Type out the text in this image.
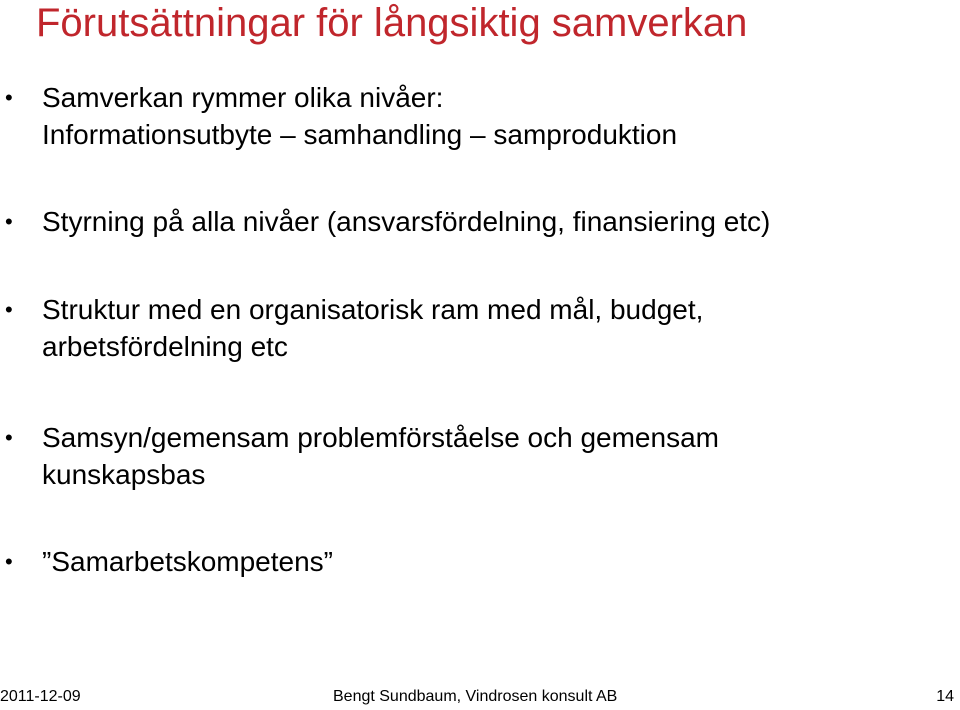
Förutsättningar för långsiktig samverkan
• Samverkan rymmer olika nivåer:
Informationsutbyte – samhandling – samproduktion
• Styrning på alla nivåer (ansvarsfördelning, finansiering etc)
• Struktur med en organisatorisk ram med mål, budget,
arbetsfördelning etc
• Samsyn/gemensam problemförståelse och gemensam
kunskapsbas
• ”Samarbetskompetens”
2011-12-09	Bengt Sundbaum, Vindrosen konsult AB	14
